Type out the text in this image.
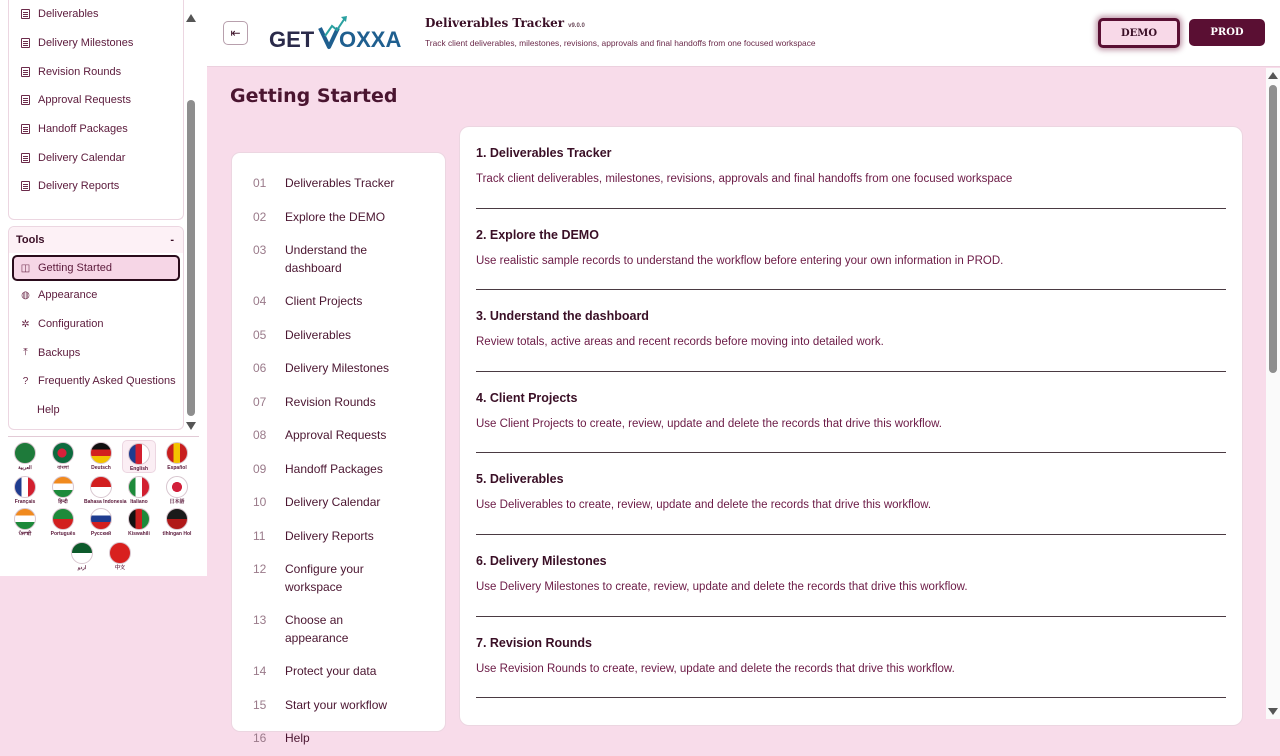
Deliverables
Delivery Milestones
Revision Rounds
Approval Requests
Handoff Packages
Delivery Calendar
Delivery Reports
Tools	-
◫ Getting Started
◍ Appearance
✲ Configuration
⤒ Backups
? Frequently Asked Questions
Help
العربية	বাংলা	Deutsch	English	Español
Français	हिन्दी	Bahasa Indonesia Italiano	日本語
ਪੰਜਾਬੀ	Português	Русский	Kiswahili	tlhIngan Hol
اردو	中文
⇤ GET OXXA
Deliverables Tracker v9.0.0
Track client deliverables, milestones, revisions, approvals and final handoffs from one focused workspace
DEMO	PROD
Getting Started
01	Deliverables Tracker
02	Explore the DEMO
03	Understand the dashboard
04	Client Projects
05	Deliverables
06	Delivery Milestones
07	Revision Rounds
08	Approval Requests
09	Handoff Packages
10	Delivery Calendar
11	Delivery Reports
12	Configure your workspace
13	Choose an appearance
14	Protect your data
15	Start your workflow
16	Help
1. Deliverables Tracker

Track client deliverables, milestones, revisions, approvals and final handoffs from one focused workspace

2. Explore the DEMO

Use realistic sample records to understand the workflow before entering your own information in PROD.

3. Understand the dashboard

Review totals, active areas and recent records before moving into detailed work.

4. Client Projects

Use Client Projects to create, review, update and delete the records that drive this workflow.

5. Deliverables

Use Deliverables to create, review, update and delete the records that drive this workflow.

6. Delivery Milestones

Use Delivery Milestones to create, review, update and delete the records that drive this workflow.

7. Revision Rounds

Use Revision Rounds to create, review, update and delete the records that drive this workflow.
